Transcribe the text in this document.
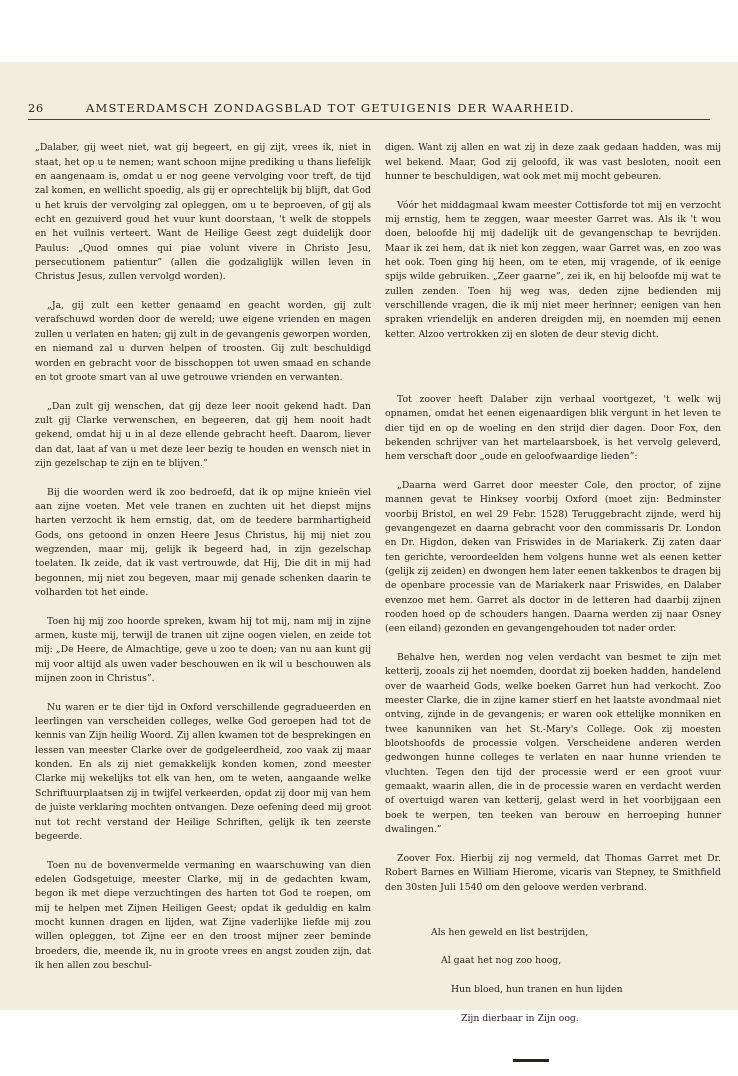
26	AMSTERDAMSCH ZONDAGSBLAD TOT GETUIGENIS DER WAARHEID.

„Dalaber, gij weet niet, wat gij begeert, en gij zijt, vrees ik, niet in staat, het op u te nemen; want schoon mijne prediking u thans liefelijk en aangenaam is, omdat u er nog geene vervolging voor treft, de tijd zal komen, en wellicht spoedig, als gij er oprechtelijk bij blijft, dat God u het kruis der vervolging zal opleggen, om u te beproeven, of gij als echt en gezuiverd goud het vuur kunt doorstaan, 't welk de stoppels en het vuilnis verteert. Want de Heilige Geest zegt duidelijk door Paulus: „Quod omnes qui piae volunt vivere in Christo Jesu, persecutionem patientur” (allen die godzaliglijk willen leven in Christus Jesus, zullen vervolgd worden).

„Ja, gij zult een ketter genaamd en geacht worden, gij zult verafschuwd worden door de wereld; uwe eigene vrienden en magen zullen u verlaten en haten; gij zult in de gevangenis geworpen worden, en niemand zal u durven helpen of troosten. Gij zult beschuldigd worden en gebracht voor de bisschoppen tot uwen smaad en schande en tot groote smart van al uwe getrouwe vrienden en verwanten.

„Dan zult gij wenschen, dat gij deze leer nooit gekend hadt. Dan zult gij Clarke verwenschen, en begeeren, dat gij hem nooit hadt gekend, omdat hij u in al deze ellende gebracht heeft. Daarom, liever dan dat, laat af van u met deze leer bezig te houden en wensch niet in zijn gezelschap te zijn en te blijven.”

Bij die woorden werd ik zoo bedroefd, dat ik op mijne knieën viel aan zijne voeten. Met vele tranen en zuchten uit het diepst mijns harten verzocht ik hem ernstig, dat, om de teedere barmhartigheid Gods, ons getoond in onzen Heere Jesus Christus, hij mij niet zou wegzenden, maar mij, gelijk ik begeerd had, in zijn gezelschap toelaten. Ik zeide, dat ik vast vertrouwde, dat Hij, Die dit in mij had begonnen, mij niet zou begeven, maar mij genade schenken daarin te volharden tot het einde.

Toen hij mij zoo hoorde spreken, kwam hij tot mij, nam mij in zijne armen, kuste mij, terwijl de tranen uit zijne oogen vielen, en zeide tot mij: „De Heere, de Almachtige, geve u zoo te doen; van nu aan kunt gij mij voor altijd als uwen vader beschouwen en ik wil u beschouwen als mijnen zoon in Christus”.

Nu waren er te dier tijd in Oxford verschillende gegradueerden en leerlingen van verscheiden colleges, welke God geroepen had tot de kennis van Zijn heilig Woord. Zij allen kwamen tot de besprekingen en lessen van meester Clarke over de godgeleerdheid, zoo vaak zij maar konden. En als zij niet gemakkelijk konden komen, zond meester Clarke mij wekelijks tot elk van hen, om te weten, aangaande welke Schriftuurplaatsen zij in twijfel verkeerden, opdat zij door mij van hem de juiste verklaring mochten ontvangen. Deze oefening deed mij groot nut tot recht verstand der Heilige Schriften, gelijk ik ten zeerste begeerde.

Toen nu de bovenvermelde vermaning en waarschuwing van dien edelen Godsgetuige, meester Clarke, mij in de gedachten kwam, begon ik met diepe verzuchtingen des harten tot God te roepen, om mij te helpen met Zijnen Heiligen Geest; opdat ik geduldig en kalm mocht kunnen dragen en lijden, wat Zijne vaderlijke liefde mij zou willen opleggen, tot Zijne eer en den troost mijner zeer beminde broeders, die, meende ik, nu in groote vrees en angst zouden zijn, dat ik hen allen zou beschul-

digen. Want zij allen en wat zij in deze zaak gedaan hadden, was mij wel bekend. Maar, God zij geloofd, ik was vast besloten, nooit een hunner te beschuldigen, wat ook met mij mocht gebeuren.

Vóór het middagmaal kwam meester Cottisforde tot mij en verzocht mij ernstig, hem te zeggen, waar meester Garret was. Als ik 't wou doen, beloofde hij mij dadelijk uit de gevangenschap te bevrijden. Maar ik zei hem, dat ik niet kon zeggen, waar Garret was, en zoo was het ook. Toen ging hij heen, om te eten, mij vragende, of ik eenige spijs wilde gebruiken. „Zeer gaarne”, zei ik, en hij beloofde mij wat te zullen zenden. Toen hij weg was, deden zijne bedienden mij verschillende vragen, die ik mij niet meer herinner; eenigen van hen spraken vriendelijk en anderen dreigden mij, en noemden mij eenen ketter. Alzoo vertrokken zij en sloten de deur stevig dicht.

Tot zoover heeft Dalaber zijn verhaal voortgezet, 't welk wij opnamen, omdat het eenen eigenaardigen blik vergunt in het leven te dier tijd en op de woeling en den strijd dier dagen. Door Fox, den bekenden schrijver van het martelaarsboek, is het vervolg geleverd, hem verschaft door „oude en geloofwaardige lieden”:

„Daarna werd Garret door meester Cole, den proctor, of zijne mannen gevat te Hinksey voorbij Oxford (moet zijn: Bedminster voorbij Bristol, en wel 29 Febr. 1528) Teruggebracht zijnde, werd hij gevangengezet en daarna gebracht voor den commissaris Dr. London en Dr. Higdon, deken van Friswides in de Mariakerk. Zij zaten daar ten gerichte, veroordeelden hem volgens hunne wet als eenen ketter (gelijk zij zeiden) en dwongen hem later eenen takkenbos te dragen bij de openbare processie van de Mariakerk naar Friswides, en Dalaber evenzoo met hem. Garret als doctor in de letteren had daarbij zijnen rooden hoed op de schouders hangen. Daarna werden zij naar Osney (een eiland) gezonden en gevangengehouden tot nader order.

Behalve hen, werden nog velen verdacht van besmet te zijn met ketterij, zooals zij het noemden, doordat zij boeken hadden, handelend over de waarheid Gods, welke boeken Garret hun had verkocht. Zoo meester Clarke, die in zijne kamer stierf en het laatste avondmaal niet ontving, zijnde in de gevangenis; er waren ook ettelijke monniken en twee kanunniken van het St.-Mary's College. Ook zij moesten blootshoofds de processie volgen. Verscheidene anderen werden gedwongen hunne colleges te verlaten en naar hunne vrienden te vluchten. Tegen den tijd der processie werd er een groot vuur gemaakt, waarin allen, die in de processie waren en verdacht werden of overtuigd waren van ketterij, gelast werd in het voorbijgaan een boek te werpen, ten teeken van berouw en herroeping hunner dwalingen.”

Zoover Fox. Hierbij zij nog vermeld, dat Thomas Garret met Dr. Robert Barnes en William Hierome, vicaris van Stepney, te Smithfield den 30sten Juli 1540 om den geloove werden verbrand.

Als hen geweld en list bestrijden,

Al gaat het nog zoo hoog,

Hun bloed, hun tranen en hun lijden

Zijn dierbaar in Zijn oog.
